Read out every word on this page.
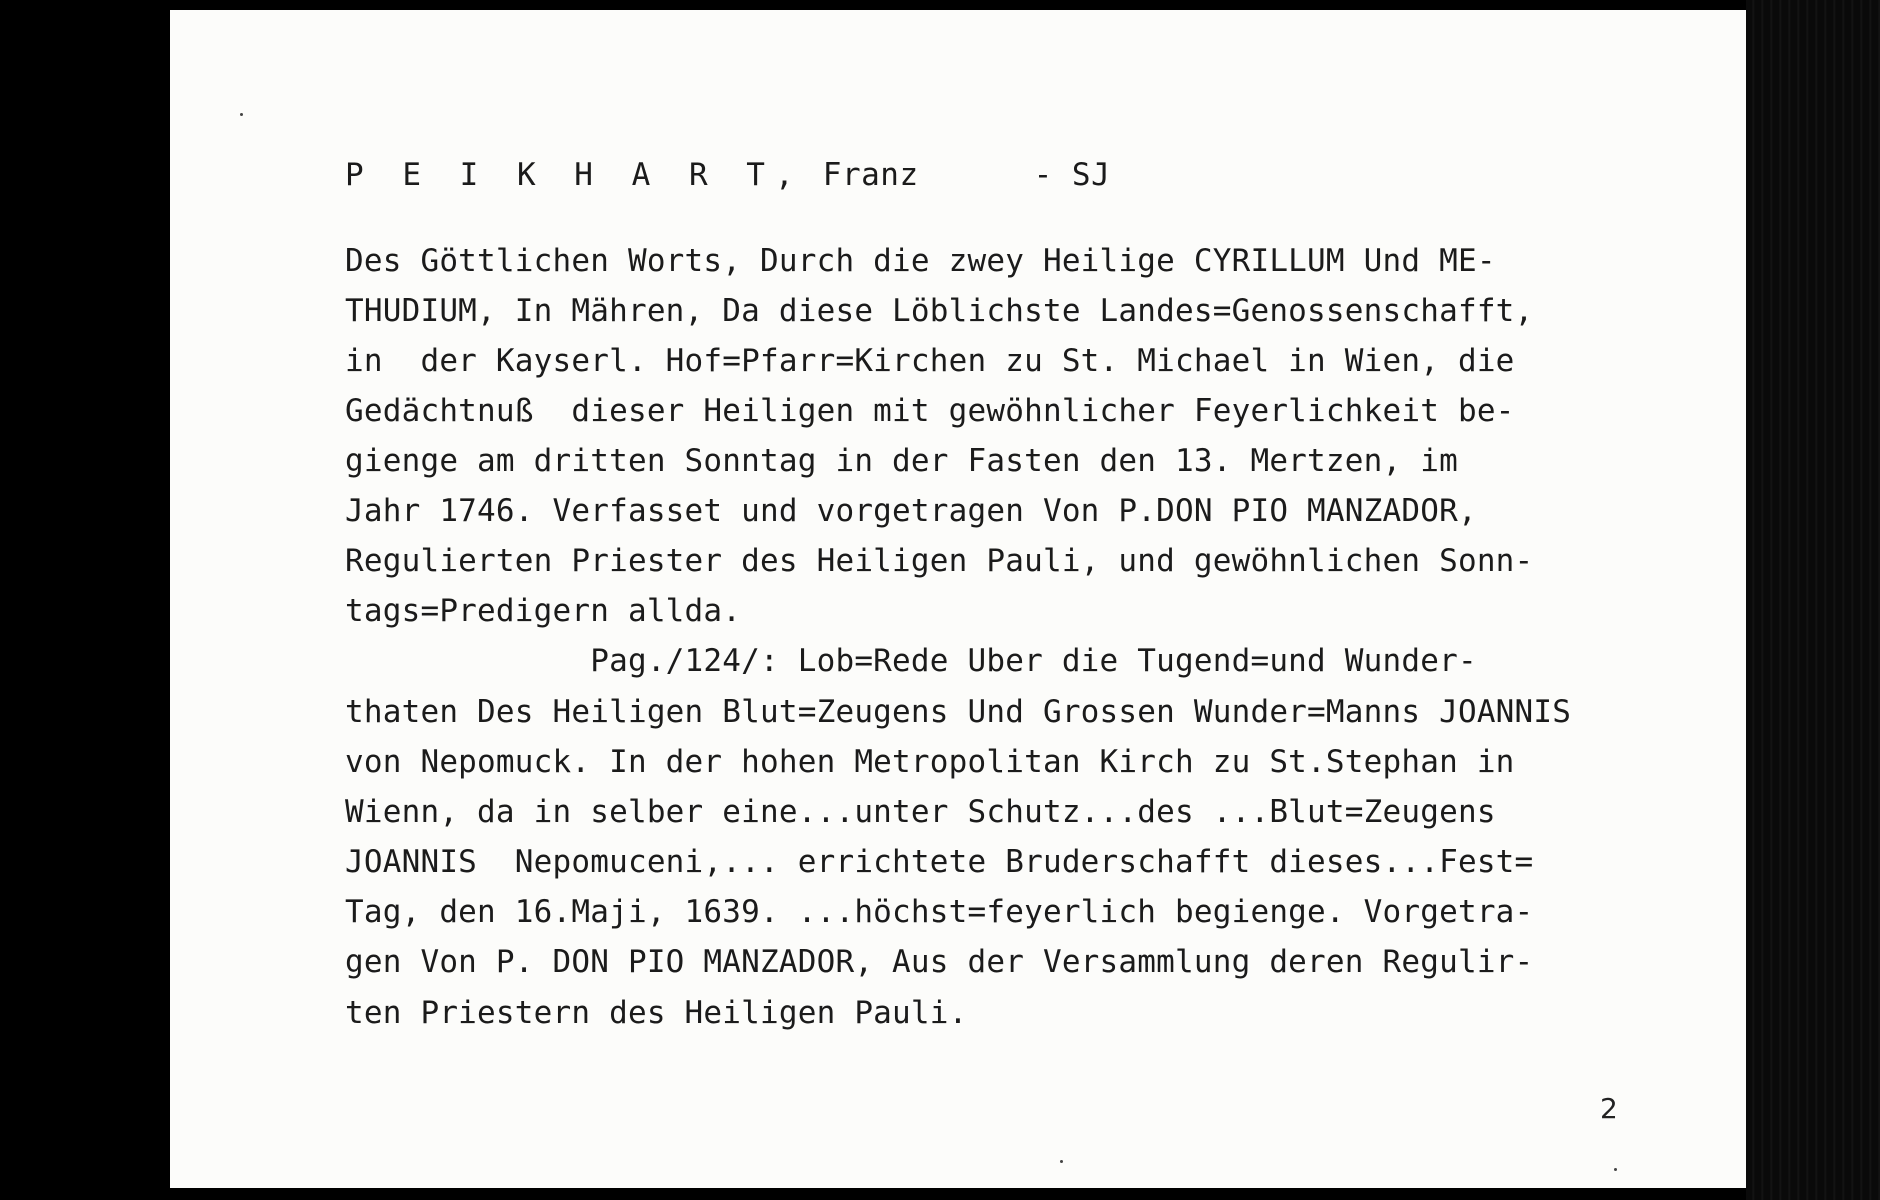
P E I K H A R T, Franz	- SJ
Des Göttlichen Worts, Durch die zwey Heilige CYRILLUM Und ME-
THUDIUM, In Mähren, Da diese Löblichste Landes=Genossenschafft,
in  der Kayserl. Hof=Pfarr=Kirchen zu St. Michael in Wien, die
Gedächtnuß  dieser Heiligen mit gewöhnlicher Feyerlichkeit be-
gienge am dritten Sonntag in der Fasten den 13. Mertzen, im
Jahr 1746. Verfasset und vorgetragen Von P.DON PIO MANZADOR,
Regulierten Priester des Heiligen Pauli, und gewöhnlichen Sonn-
tags=Predigern allda.
Pag./124/: Lob=Rede Uber die Tugend=und Wunder-
thaten Des Heiligen Blut=Zeugens Und Grossen Wunder=Manns JOANNIS
von Nepomuck. In der hohen Metropolitan Kirch zu St.Stephan in
Wienn, da in selber eine...unter Schutz...des ...Blut=Zeugens
JOANNIS  Nepomuceni,... errichtete Bruderschafft dieses...Fest=
Tag, den 16.Maji, 1639. ...höchst=feyerlich begienge. Vorgetra-
gen Von P. DON PIO MANZADOR, Aus der Versammlung deren Regulir-
ten Priestern des Heiligen Pauli.
2
